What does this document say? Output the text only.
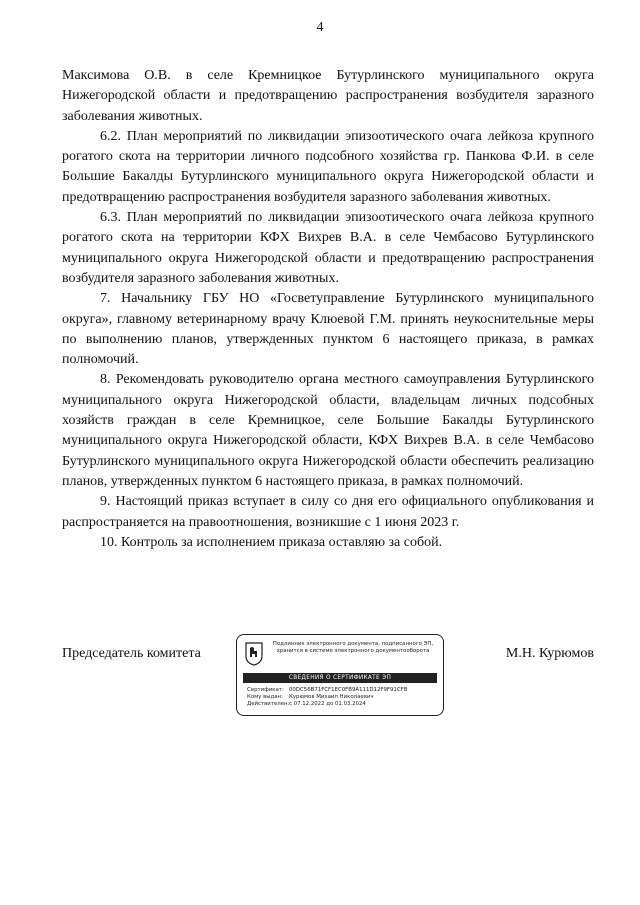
4

Максимова О.В. в селе Кремницкое Бутурлинского муниципального округа Нижегородской области и предотвращению распространения возбудителя заразного заболевания животных.

6.2. План мероприятий по ликвидации эпизоотического очага лейкоза крупного рогатого скота на территории личного подсобного хозяйства гр. Панкова Ф.И. в селе Большие Бакалды Бутурлинского муниципального округа Нижегородской области и предотвращению распространения возбудителя заразного заболевания животных.

6.3. План мероприятий по ликвидации эпизоотического очага лейкоза крупного рогатого скота на территории КФХ Вихрев В.А. в селе Чембасово Бутурлинского муниципального округа Нижегородской области и предотвращению распространения возбудителя заразного заболевания животных.

7. Начальнику ГБУ НО «Госветуправление Бутурлинского муниципального округа», главному ветеринарному врачу Клюевой Г.М. принять неукоснительные меры по выполнению планов, утвержденных пунктом 6 настоящего приказа, в рамках полномочий.

8. Рекомендовать руководителю органа местного самоуправления Бутурлинского муниципального округа Нижегородской области, владельцам личных подсобных хозяйств граждан в селе Кремницкое, селе Большие Бакалды Бутурлинского муниципального округа Нижегородской области, КФХ Вихрев В.А. в селе Чембасово Бутурлинского муниципального округа Нижегородской области обеспечить реализацию планов, утвержденных пунктом 6 настоящего приказа, в рамках полномочий.

9. Настоящий приказ вступает в силу со дня его официального опубликования и распространяется на правоотношения, возникшие с 1 июня 2023 г.

10. Контроль за исполнением приказа оставляю за собой.

Председатель комитета	М.Н. Курюмов
Подлинник электронного документа, подписанного ЭП, хранится в системе электронного документооборота
СВЕДЕНИЯ О СЕРТИФИКАТЕ ЭП
Сертификат: 00DC56B71FCF1EC0FB9A111D12F9F91CFB
Кому выдан: Курюмов Михаил Николаевич
Действителен:с 07.12.2022 до 01.03.2024
